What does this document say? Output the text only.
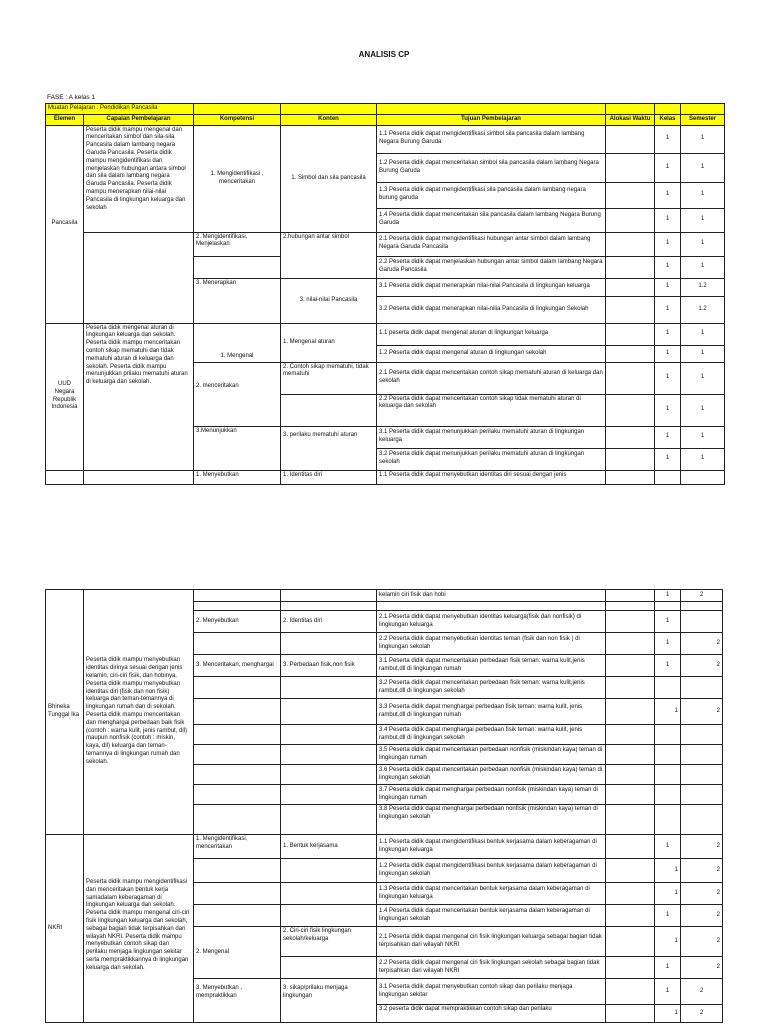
ANALISIS CP
FASE : A kelas 1
Muatan Pelajaran : Pendidikan Pancasila							
Elemen	Capaian Pembelajaran	Kompetensi	Konten	Tujuan Pembelajaran	Alokasi Waktu	Kelas	Semester
Pancasila	Peserta didik mampu mengenal dan menceritakan simbol dan sila-sila Pancasila dalam lambang negara Garuda Pancasila. Peserta didik mampu mengidentifikasi dan menjelaskan hubungan antara simbol dan sila dalam lambang negara Garuda Pancasila. Peserta didik mampu menerapkan nilai-nilai Pancasila di lingkungan keluarga dan sekolah	1. Mengidentifikasi , menceritakan	1. Simbol dan sila pancasila	1.1 Peserta didik dapat mengidentifikasi simbol sila pancasila dalam lambang Negara Burung Garuda		1	1
				1.2 Peserta didik dapat menceritakan simbol sila pancasila dalam lambang Negara Burung Garuda		1	1
				1.3 Peserta didik dapat mengidentifikasi sila pancasila dalam lambang negara burung garuda		1	1
				1.4 Peserta didik dapat menceritakan sila pancasila dalam lambang Negara Burung Garuda		1	1
		2. Mengidentifikasi, Menjelaskan	2.hubungan antar simbol	2.1 Peserta didik dapat mengidentifikasi hubungan antar simbol dalam lambang Negara Garuda Pancasila		1	1
				2.2 Peserta didik dapat menjelaskan hubungan antar simbol dalam lambang Negara Garuda Pancasila		1	1
		3. Menerapkan	3. nilai-nilai Pancasila	3.1 Peserta didik dapat menerapkan nilai-nilai Pancasila di lingkungan keluarga		1	1.2
				3.2 Peserta didik dapat menerapkan nilai-nilia Pancasila di lingkungan Sekolah		1	1.2
UUD Negara Republik Indonesia	Peserta didik mengenal aturan di lingkungan keluarga dan sekolah. Peserta didik mampu menceritakan contoh sikap mematuhi dan tidak mematuhi aturan di keluarga dan sekolah. Peserta didik mampu menunjukkan prilaku mematuhi aturan di keluarga dan sekolah.	1. Mengenal	1. Mengenal aturan	1.1 peserta didik dapat mengenal aturan di lingkungan keluarga		1	1
				1.2 Peserta didik dapat mengenal aturan di lingkungan sekolah		1	1
		2. menceritakan	2. Contoh sikap mematuhi, tidak mematuhi	2.1 Peserta didik dapat menceritakan contoh sikap mematuhi aturan di keluarga dan sekolah		1	1
				2.2 Peserta didik dapat menceritakan contoh sikap tidak mematuhi aturan di keluarga dan sekolah		1	1
		3.Menunjukkan	3. perilaku mematuhi aturan	3.1 Peserta didik dapat menunjukkan perilaku mematuhi aturan di lingkungan keluarga		1	1
				3.2 Peserta didik dapat menunjukkan perilaku mematuhi aturan di lingkungan sekolah		1	1
		1. Menyebutkan	1. Identitas diri	1.1 Peserta didik dapat menyebutkan identitas diri sesuai dengan jenis			
Bhineka Tunggal Ika	Peserta didik mampu menyebutkan identitas dirinya sesuai dengan jenis kelamin, ciri-ciri fisik, dan hobinya. Peserta didik mampu menyebutkan identitas diri (fisik dan non fisik) keluarga dan teman-temannya di lingkungan rumah dan di sekolah. Peserta didik mampu menceritakan dan menghargai perbedaan baik fisik (contoh : warna kulit, jenis rambut, dll) maupun nonfisik (contoh : miskin, kaya, dll) keluarga dan teman-temannya di lingkungan rumah dan sekolah.			kelamin ciri fisik dan hobi		1	2

		2. Menyebutkan	2. Identitas diri	2.1 Peserta didik dapat menyebutkan identitas keluarga(fisik dan nonfisik) di lingkungan keluarga		1	
				2.2 Peserta didik dapat menyebutkan identitas teman (fisik dan non fisik ) di lingkungan sekolah		1	2
		3. Menceritakan, menghargai	3. Perbedaan fisik,non fisik	3.1 Peserta didik dapat menceritakan perbedaan fisik teman: warna kulit,jenis rambut,dll di lingkungan rumah		1	2
				3.2 Peserta didik dapat menceritakan perbedaan fisik teman: warna kulit,jenis rambut,dll di lingkungan sekolah			
				3.3 Peserta didik dapat menghargai perbedaan fisik teman: warna kulit, jenis rambut,dll di lingkungan rumah		1	2
				3.4 Peserta didik dapat menghargai perbedaan fisik teman: warna kulit, jenis rambut,dll di lingkungan sekolah			
				3.5 Peserta didik dapat menceritakan perbedaan nonfisik (miskindan kaya) teman di lingkungan rumah			
				3.6 Peserta didik dapat menceritakan perbedaan nonfisik (miskindan kaya) teman di lingkungan sekolah			
				3.7 Peserta didik dapat menghargai perbedaan nonfisik (miskindan kaya) teman di lingkungan rumah			
				3.8 Peserta didik dapat menghargai perbedaan nonfisik (miskindan kaya) teman di lingkungan sekolah			
NKRI	Peserta didik mampu mengidentifikasi dan menceritakan bentuk kerja samadalam keberagaman di lingkungan keluarga dan sekolah. Peserta didik mampu mengenal ciri-ciri fisik lingkungan keluarga dan sekolah, sebagai bagian tidak terpisahkan dari wilayah NKRI. Peserta didik mampu menyebutkan contoh sikap dan perilaku menjaga lingkungan sekitar serta mempraktikkannya di lingkungan keluarga dan sekolah.	1. Mengidentifikasi, menceritakan	1. Bentuk kerjasama	1.1 Peserta didik dapat mengidentifikasi bentuk kerjasama dalam keberagaman di lingkungan keluarga		1	2
				1.2 Peserta didik dapat mengidentifikasi bentuk kerjasama dalam keberagaman di lingkungan sekolah		1	2
				1.3 Peserta didik dapat menceritakan bentuk kerjasama dalam keberagaman di lingkungan keluarga		1	2
				1.4 Peserta didik dapat menceritakan bentuk kerjasama dalam keberagaman di lingkungan sekolah		1	2
		2. Mengenal	2. Ciri-ciri fisik lingkungan sekolah/keluarga	2.1 Peserta didik dapat mengenal ciri fisik lingkungan keluarga sebagai bagian tidak terpisahkan dari wilayah NKRI		1	2
				2.2 Peserta didik dapat mengenal ciri fisik lingkungan sekolah sebagai bagian tidak terpisahkan dari wilayah NKRI		1	2
		3. Menyebutkan , mempraktikkan	3. sikap/prilaku menjaga lingkungan	3.1 Peserta didik dapat menyebutkan contoh sikap dan perilaku menjaga lingkungan sekitar		1	2
				3.2 peserta didik dapat mempraktikkan contoh sikap dan perilaku		1	2
